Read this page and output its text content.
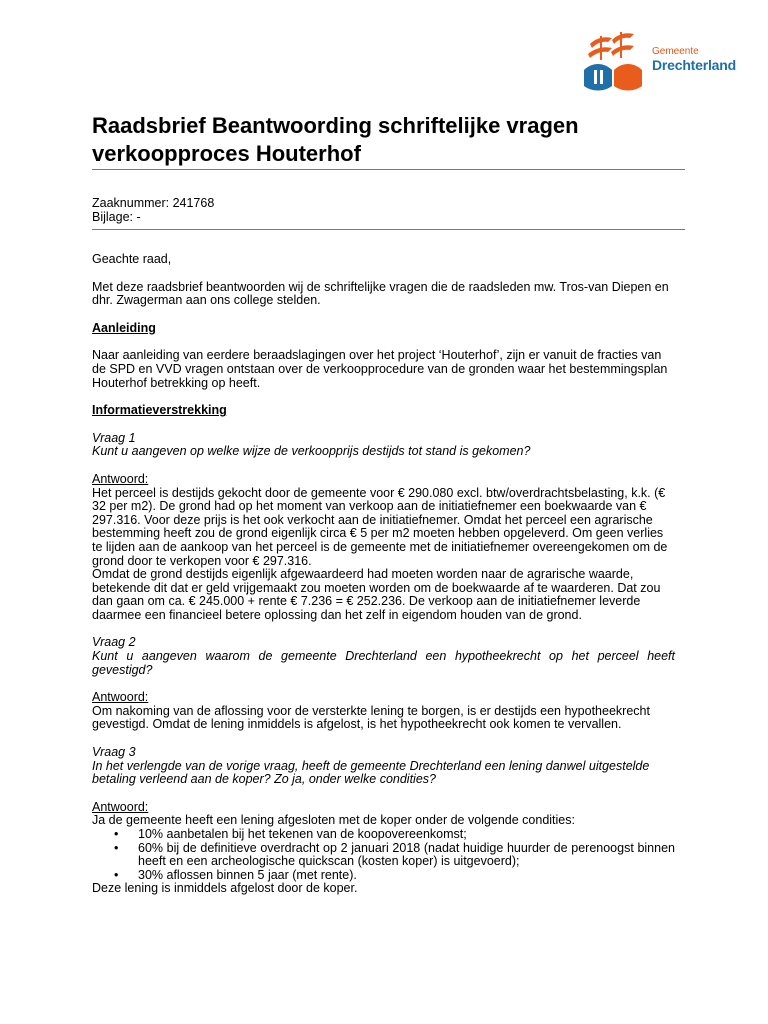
Gemeente
Drechterland
Raadsbrief Beantwoording schriftelijke vragen
verkoopproces Houterhof
Zaaknummer: 241768
Bijlage: -

Geachte raad,

Met deze raadsbrief beantwoorden wij de schriftelijke vragen die de raadsleden mw. Tros-van Diepen en dhr. Zwagerman aan ons college stelden.

Aanleiding

Naar aanleiding van eerdere beraadslagingen over het project ‘Houterhof’, zijn er vanuit de fracties van de SPD en VVD vragen ontstaan over de verkoopprocedure van de gronden waar het bestemmingsplan Houterhof betrekking op heeft.

Informatieverstrekking

Vraag 1

Kunt u aangeven op welke wijze de verkoopprijs destijds tot stand is gekomen?

Antwoord:

Het perceel is destijds gekocht door de gemeente voor € 290.080 excl. btw/overdrachtsbelasting, k.k. (€ 32 per m2). De grond had op het moment van verkoop aan de initiatiefnemer een boekwaarde van € 297.316. Voor deze prijs is het ook verkocht aan de initiatiefnemer. Omdat het perceel een agrarische bestemming heeft zou de grond eigenlijk circa € 5 per m2 moeten hebben opgeleverd. Om geen verlies te lijden aan de aankoop van het perceel is de gemeente met de initiatiefnemer overeengekomen om de grond door te verkopen voor € 297.316.

Omdat de grond destijds eigenlijk afgewaardeerd had moeten worden naar de agrarische waarde, betekende dit dat er geld vrijgemaakt zou moeten worden om de boekwaarde af te waarderen. Dat zou dan gaan om ca. € 245.000 + rente € 7.236 = € 252.236. De verkoop aan de initiatiefnemer leverde daarmee een financieel betere oplossing dan het zelf in eigendom houden van de grond.

Vraag 2

Kunt u aangeven waarom de gemeente Drechterland een hypotheekrecht op het perceel heeft gevestigd?

Antwoord:

Om nakoming van de aflossing voor de versterkte lening te borgen, is er destijds een hypotheekrecht gevestigd. Omdat de lening inmiddels is afgelost, is het hypotheekrecht ook komen te vervallen.

Vraag 3

In het verlengde van de vorige vraag, heeft de gemeente Drechterland een lening danwel uitgestelde betaling verleend aan de koper? Zo ja, onder welke condities?

Antwoord:

Ja de gemeente heeft een lening afgesloten met de koper onder de volgende condities:

• 10% aanbetalen bij het tekenen van de koopovereenkomst;
• 60% bij de definitieve overdracht op 2 januari 2018 (nadat huidige huurder de perenoogst binnen heeft en een archeologische quickscan (kosten koper) is uitgevoerd);
• 30% aflossen binnen 5 jaar (met rente).

Deze lening is inmiddels afgelost door de koper.
